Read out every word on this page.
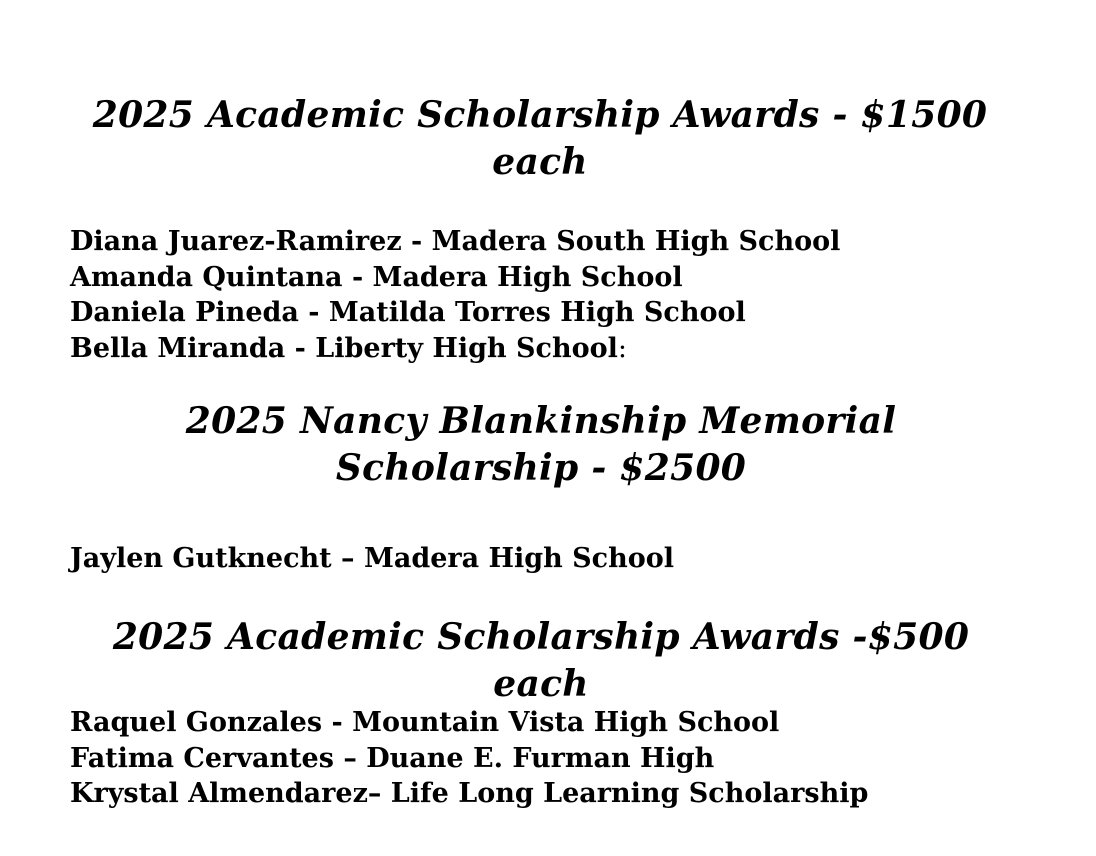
2025 Academic Scholarship Awards - $1500 each
Diana Juarez-Ramirez - Madera South High School
Amanda Quintana - Madera High School
Daniela Pineda - Matilda Torres High School
Bella Miranda - Liberty High School:
2025 Nancy Blankinship Memorial Scholarship - $2500
Jaylen Gutknecht – Madera High School
2025 Academic Scholarship Awards -$500 each
Raquel Gonzales - Mountain Vista High School
Fatima Cervantes – Duane E. Furman High
Krystal Almendarez– Life Long Learning Scholarship
